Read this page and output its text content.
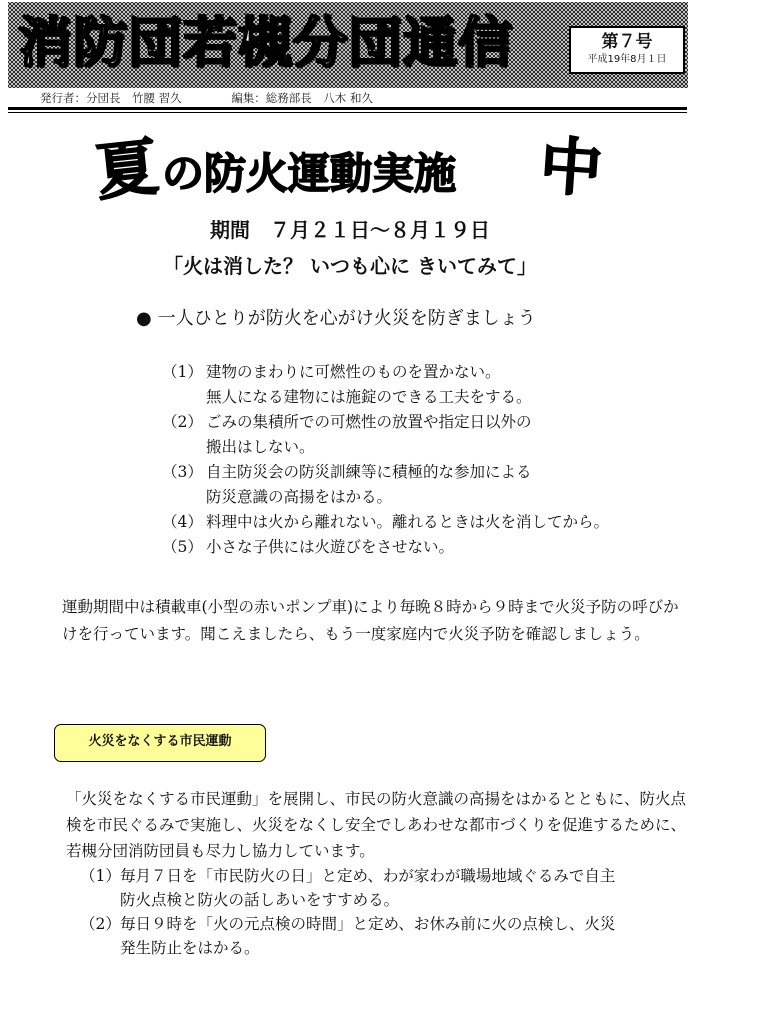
消防団若槻分団通信	第７号
平成19年8月１日
発行者：分団長　竹腰 習久	編集：総務部長　八木 和久
夏 の防火運動実施 中
期間　７月２１日～８月１９日
「火は消した？ いつも心に きいてみて」
● 一人ひとりが防火を心がけ火災を防ぎましょう
（1） 建物のまわりに可燃性のものを置かない。
無人になる建物には施錠のできる工夫をする。
（2） ごみの集積所での可燃性の放置や指定日以外の
搬出はしない。
（3） 自主防災会の防災訓練等に積極的な参加による
防災意識の高揚をはかる。
（4） 料理中は火から離れない。離れるときは火を消してから。
（5） 小さな子供には火遊びをさせない。

運動期間中は積載車(小型の赤いポンプ車)により毎晩８時から９時まで火災予防の呼びかけを行っています。聞こえましたら、もう一度家庭内で火災予防を確認しましょう。

火災をなくする市民運動

「火災をなくする市民運動」を展開し、市民の防火意識の高揚をはかるとともに、防火点検を市民ぐるみで実施し、火災をなくし安全でしあわせな都市づくりを促進するために、若槻分団消防団員も尽力し協力しています。

（1）毎月７日を「市民防火の日」と定め、わが家わが職場地域ぐるみで自主
防火点検と防火の話しあいをすすめる。
（2）毎日９時を「火の元点検の時間」と定め、お休み前に火の点検し、火災
発生防止をはかる。
